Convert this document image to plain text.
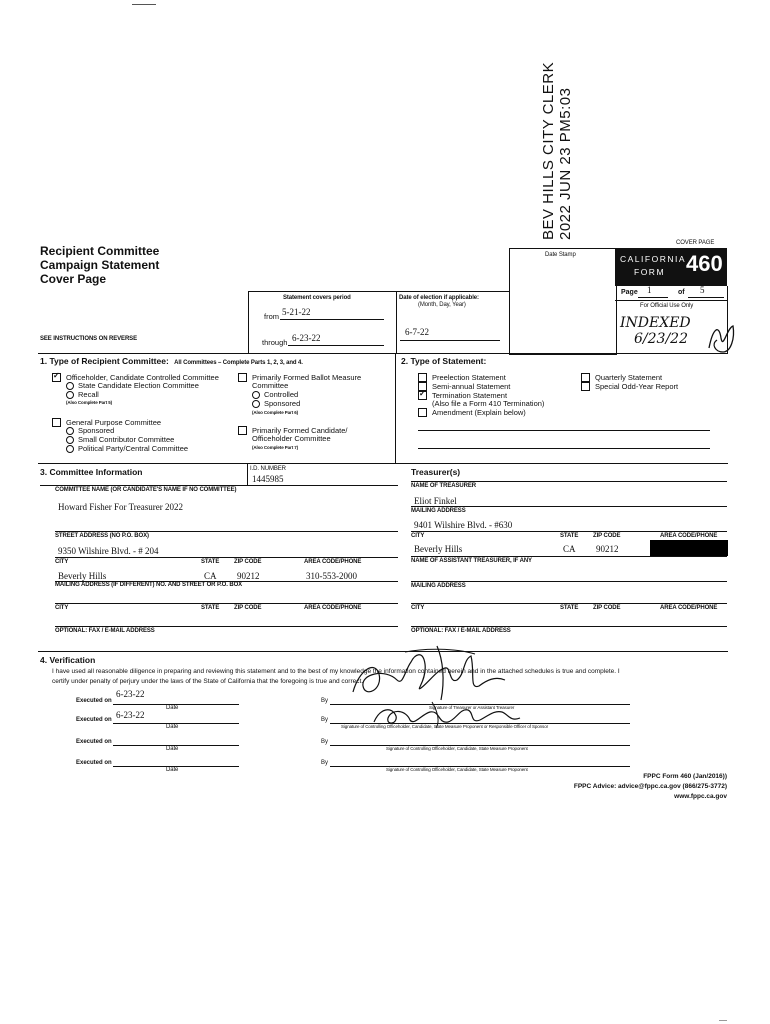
BEV HILLS CITY CLERK 2022 JUN 23 PM5:03
Recipient Committee
Campaign Statement
Cover Page
SEE INSTRUCTIONS ON REVERSE
COVER PAGE
Date Stamp	CALIFORNIA
FORM 460
Page 1	of 5
For Official Use Only
INDEXED
6/23/22
Statement covers period
from 5-21-22
through 6-23-22
Date of election if applicable:
(Month, Day, Year)
6-7-22
1. Type of Recipient Committee: All Committees – Complete Parts 1, 2, 3, and 4.
✓
Officeholder, Candidate Controlled Committee
State Candidate Election Committee
Recall
(Also Complete Part 5)
General Purpose Committee
Sponsored
Small Contributor Committee
Political Party/Central Committee
Primarily Formed Ballot Measure
Committee
Controlled
Sponsored
(Also Complete Part 6)
Primarily Formed Candidate/
Officeholder Committee
(Also Complete Part 7)
2. Type of Statement:
Preelection Statement
Semi-annual Statement
✓
Termination Statement
(Also file a Form 410 Termination)
Amendment (Explain below)
Quarterly Statement
Special Odd-Year Report
3. Committee Information	I.D. NUMBER
1445985
COMMITTEE NAME (OR CANDIDATE'S NAME IF NO COMMITTEE)
Howard Fisher For Treasurer 2022
STREET ADDRESS (NO P.O. BOX)
9350 Wilshire Blvd. - # 204
CITY	STATE ZIP CODE	AREA CODE/PHONE
Beverly Hills	CA 90212	310-553-2000
MAILING ADDRESS (IF DIFFERENT) NO. AND STREET OR P.O. BOX
CITY	STATE ZIP CODE	AREA CODE/PHONE
OPTIONAL: FAX / E-MAIL ADDRESS
Treasurer(s)
NAME OF TREASURER
Eliot Finkel
MAILING ADDRESS
9401 Wilshire Blvd. - #630
CITY	STATE ZIP CODE	AREA CODE/PHONE
Beverly Hills	CA 90212
NAME OF ASSISTANT TREASURER, IF ANY
MAILING ADDRESS
CITY	STATE ZIP CODE	AREA CODE/PHONE
OPTIONAL: FAX / E-MAIL ADDRESS
4. Verification
I have used all reasonable diligence in preparing and reviewing this statement and to the best of my knowledge the information contained herein and in the attached schedules is true and complete. I
certify under penalty of perjury under the laws of the State of California that the foregoing is true and correct.
Executed on
6-23-22
Date
By
Signature of Treasurer or Assistant Treasurer
Executed on 6-23-22
Date
By
Signature of Controlling Officeholder, Candidate, State Measure Proponent or Responsible Officer of Sponsor
Executed on
Date
By
Signature of Controlling Officeholder, Candidate, State Measure Proponent
Executed on
Date
By
Signature of Controlling Officeholder, Candidate, State Measure Proponent
FPPC Form 460 (Jan/2016))
FPPC Advice: advice@fppc.ca.gov (866/275-3772)
www.fppc.ca.gov
